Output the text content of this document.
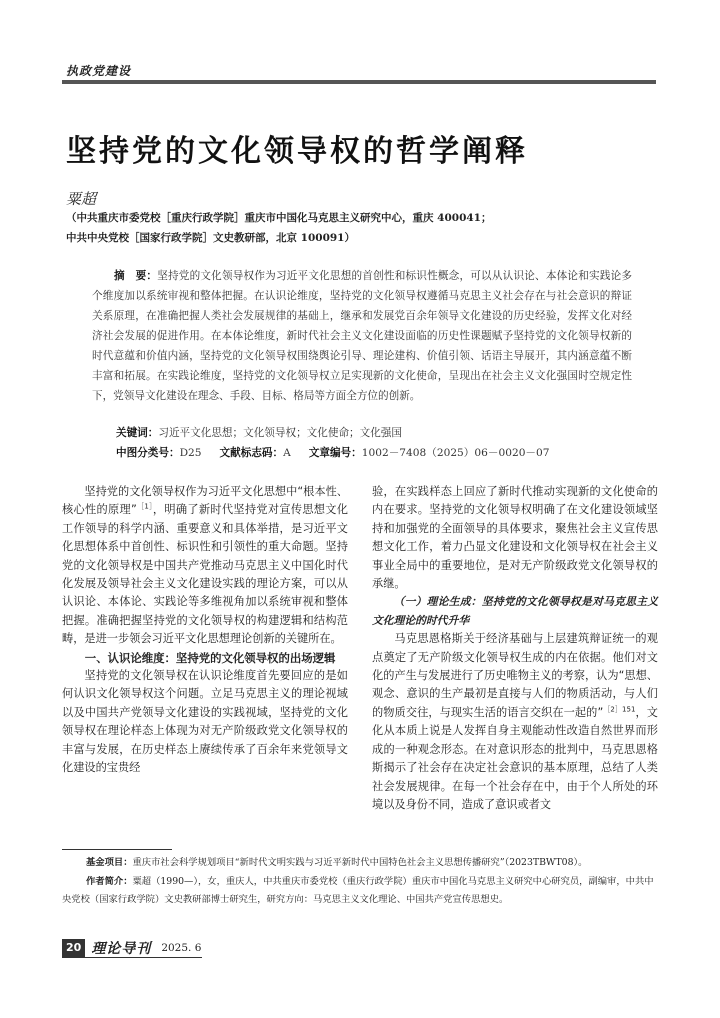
执政党建设
坚持党的文化领导权的哲学阐释
粟超
（中共重庆市委党校［重庆行政学院］重庆市中国化马克思主义研究中心，重庆 400041；
中共中央党校［国家行政学院］文史教研部，北京 100091）
摘　要：坚持党的文化领导权作为习近平文化思想的首创性和标识性概念，可以从认识论、本体论和实践论多个维度加以系统审视和整体把握。在认识论维度，坚持党的文化领导权遵循马克思主义社会存在与社会意识的辩证关系原理，在准确把握人类社会发展规律的基础上，继承和发展党百余年领导文化建设的历史经验，发挥文化对经济社会发展的促进作用。在本体论维度，新时代社会主义文化建设面临的历史性课题赋予坚持党的文化领导权新的时代意蕴和价值内涵，坚持党的文化领导权围绕舆论引导、理论建构、价值引领、话语主导展开，其内涵意蕴不断丰富和拓展。在实践论维度，坚持党的文化领导权立足实现新的文化使命，呈现出在社会主义文化强国时空规定性下，党领导文化建设在理念、手段、目标、格局等方面全方位的创新。
关键词：习近平文化思想；文化领导权；文化使命；文化强国
中图分类号：D25 文献标志码：A 文章编号：1002－7408（2025）06－0020－07

坚持党的文化领导权作为习近平文化思想中“根本性、核心性的原理”$^{[1]}$，明确了新时代坚持党对宣传思想文化工作领导的科学内涵、重要意义和具体举措，是习近平文化思想体系中首创性、标识性和引领性的重大命题。坚持党的文化领导权是中国共产党推动马克思主义中国化时代化发展及领导社会主义文化建设实践的理论方案，可以从认识论、本体论、实践论等多维视角加以系统审视和整体把握。准确把握坚持党的文化领导权的构建逻辑和结构范畴，是进一步领会习近平文化思想理论创新的关键所在。

一、认识论维度：坚持党的文化领导权的出场逻辑

坚持党的文化领导权在认识论维度首先要回应的是如何认识文化领导权这个问题。立足马克思主义的理论视域以及中国共产党领导文化建设的实践视域，坚持党的文化领导权在理论样态上体现为对无产阶级政党文化领导权的丰富与发展，在历史样态上赓续传承了百余年来党领导文化建设的宝贵经

验，在实践样态上回应了新时代推动实现新的文化使命的内在要求。坚持党的文化领导权明确了在文化建设领域坚持和加强党的全面领导的具体要求，聚焦社会主义宣传思想文化工作，着力凸显文化建设和文化领导权在社会主义事业全局中的重要地位，是对无产阶级政党文化领导权的承继。

（一）理论生成：坚持党的文化领导权是对马克思主义文化理论的时代升华

马克思恩格斯关于经济基础与上层建筑辩证统一的观点奠定了无产阶级文化领导权生成的内在依据。他们对文化的产生与发展进行了历史唯物主义的考察，认为“思想、观念、意识的生产最初是直接与人们的物质活动，与人们的物质交往，与现实生活的语言交织在一起的”$^{[2]151}$，文化从本质上说是人发挥自身主观能动性改造自然世界而形成的一种观念形态。在对意识形态的批判中，马克思恩格斯揭示了社会存在决定社会意识的基本原理，总结了人类社会发展规律。在每一个社会存在中，由于个人所处的环境以及身份不同，造成了意识或者文

基金项目：重庆市社会科学规划项目“新时代文明实践与习近平新时代中国特色社会主义思想传播研究”（2023TBWT08）。

作者简介：粟超（1990—），女，重庆人，中共重庆市委党校（重庆行政学院）重庆市中国化马克思主义研究中心研究员，副编审，中共中央党校（国家行政学院）文史教研部博士研究生，研究方向：马克思主义文化理论、中国共产党宣传思想史。

20 理论导刊 2025. 6
